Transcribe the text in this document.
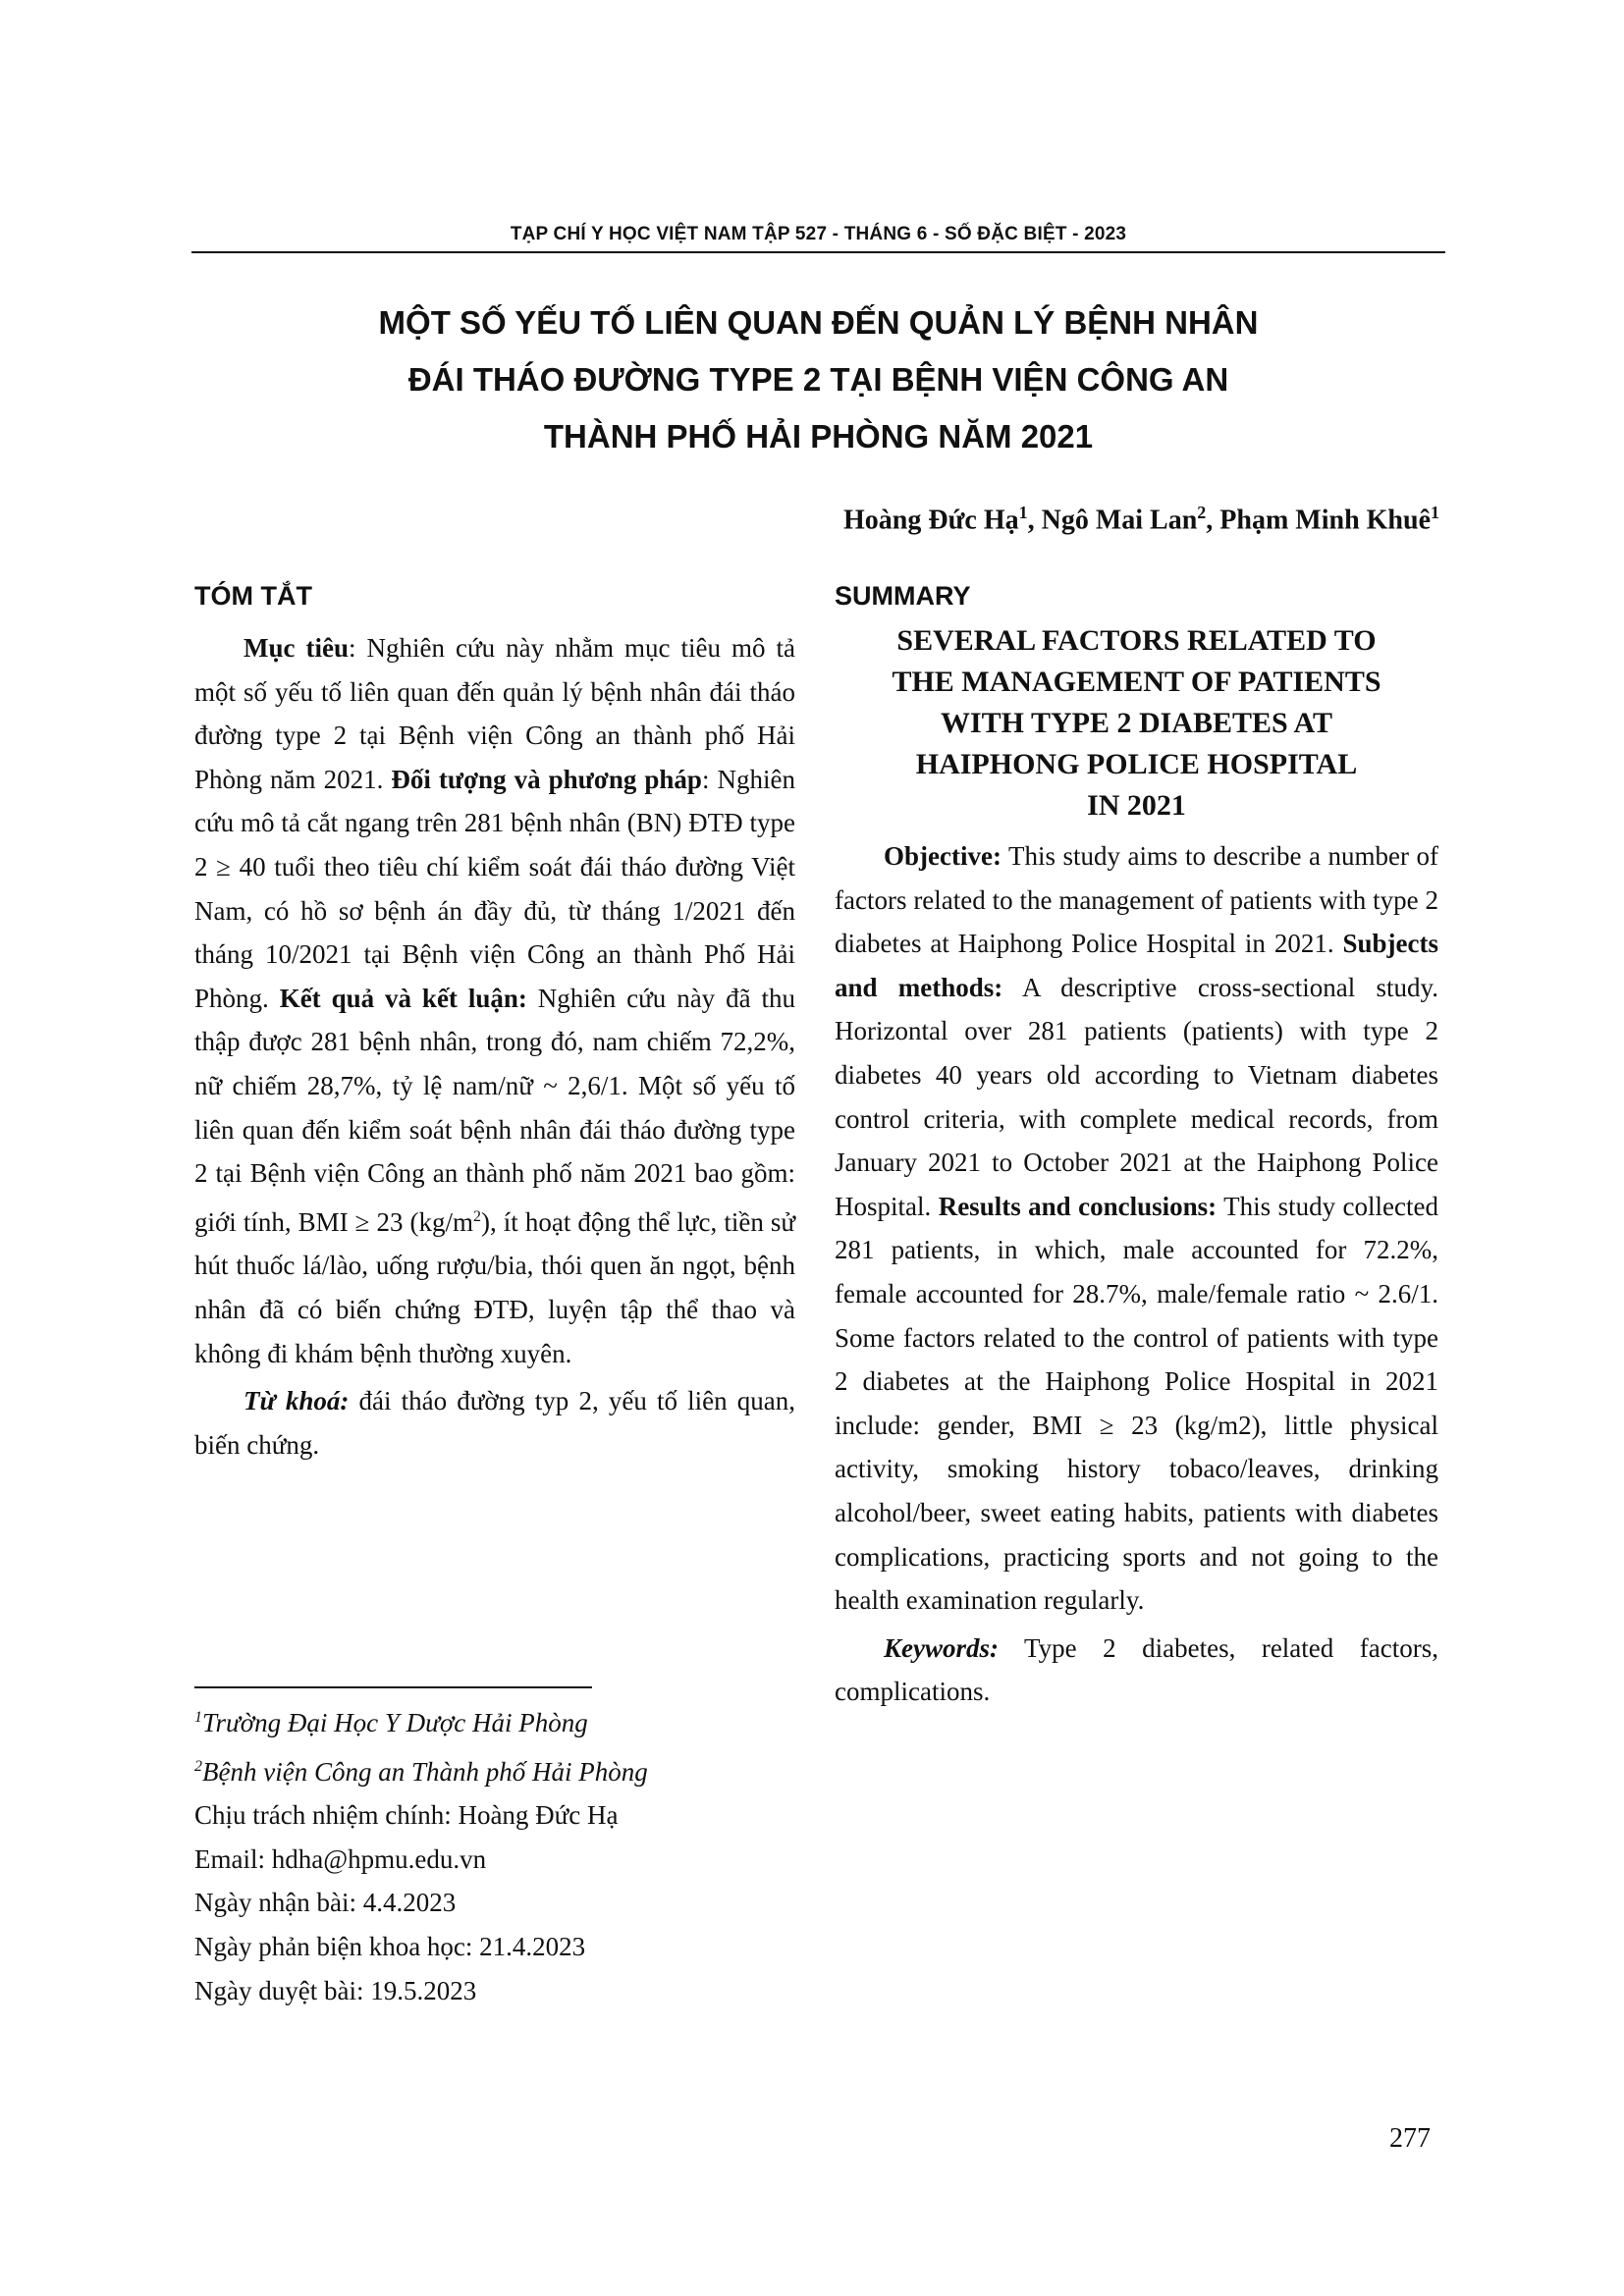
TẠP CHÍ Y HỌC VIỆT NAM TẬP 527 - THÁNG 6 - SỐ ĐẶC BIỆT - 2023
MỘT SỐ YẾU TỐ LIÊN QUAN ĐẾN QUẢN LÝ BỆNH NHÂN
ĐÁI THÁO ĐƯỜNG TYPE 2 TẠI BỆNH VIỆN CÔNG AN
THÀNH PHỐ HẢI PHÒNG NĂM 2021
Hoàng Đức Hạ$^1$, Ngô Mai Lan$^2$, Phạm Minh Khuê$^1$
TÓM TẮT

Mục tiêu: Nghiên cứu này nhằm mục tiêu mô tả một số yếu tố liên quan đến quản lý bệnh nhân đái tháo đường type 2 tại Bệnh viện Công an thành phố Hải Phòng năm 2021. Đối tượng và phương pháp: Nghiên cứu mô tả cắt ngang trên 281 bệnh nhân (BN) ĐTĐ type 2 ≥ 40 tuổi theo tiêu chí kiểm soát đái tháo đường Việt Nam, có hồ sơ bệnh án đầy đủ, từ tháng 1/2021 đến tháng 10/2021 tại Bệnh viện Công an thành Phố Hải Phòng. Kết quả và kết luận: Nghiên cứu này đã thu thập được 281 bệnh nhân, trong đó, nam chiếm 72,2%, nữ chiếm 28,7%, tỷ lệ nam/nữ ~ 2,6/1. Một số yếu tố liên quan đến kiểm soát bệnh nhân đái tháo đường type 2 tại Bệnh viện Công an thành phố năm 2021 bao gồm: giới tính, BMI ≥ 23 $(kg/m^2)$, ít hoạt động thể lực, tiền sử hút thuốc lá/lào, uống rượu/bia, thói quen ăn ngọt, bệnh nhân đã có biến chứng ĐTĐ, luyện tập thể thao và không đi khám bệnh thường xuyên.

Từ khoá: đái tháo đường typ 2, yếu tố liên quan, biến chứng.

SUMMARY
SEVERAL FACTORS RELATED TO
THE MANAGEMENT OF PATIENTS
WITH TYPE 2 DIABETES AT
HAIPHONG POLICE HOSPITAL
IN 2021

Objective: This study aims to describe a number of factors related to the management of patients with type 2 diabetes at Haiphong Police Hospital in 2021. Subjects and methods: A descriptive cross-sectional study. Horizontal over 281 patients (patients) with type 2 diabetes 40 years old according to Vietnam diabetes control criteria, with complete medical records, from January 2021 to October 2021 at the Haiphong Police Hospital. Results and conclusions: This study collected 281 patients, in which, male accounted for 72.2%, female accounted for 28.7%, male/female ratio ~ 2.6/1. Some factors related to the control of patients with type 2 diabetes at the Haiphong Police Hospital in 2021 include: gender, BMI ≥ 23 (kg/m2), little physical activity, smoking history tobaco/leaves, drinking alcohol/beer, sweet eating habits, patients with diabetes complications, practicing sports and not going to the health examination regularly.

Keywords: Type 2 diabetes, related factors, complications.

$^1$Trường Đại Học Y Dược Hải Phòng
$^2$Bệnh viện Công an Thành phố Hải Phòng
Chịu trách nhiệm chính: Hoàng Đức Hạ
Email: hdha@hpmu.edu.vn
Ngày nhận bài: 4.4.2023
Ngày phản biện khoa học: 21.4.2023
Ngày duyệt bài: 19.5.2023
277
